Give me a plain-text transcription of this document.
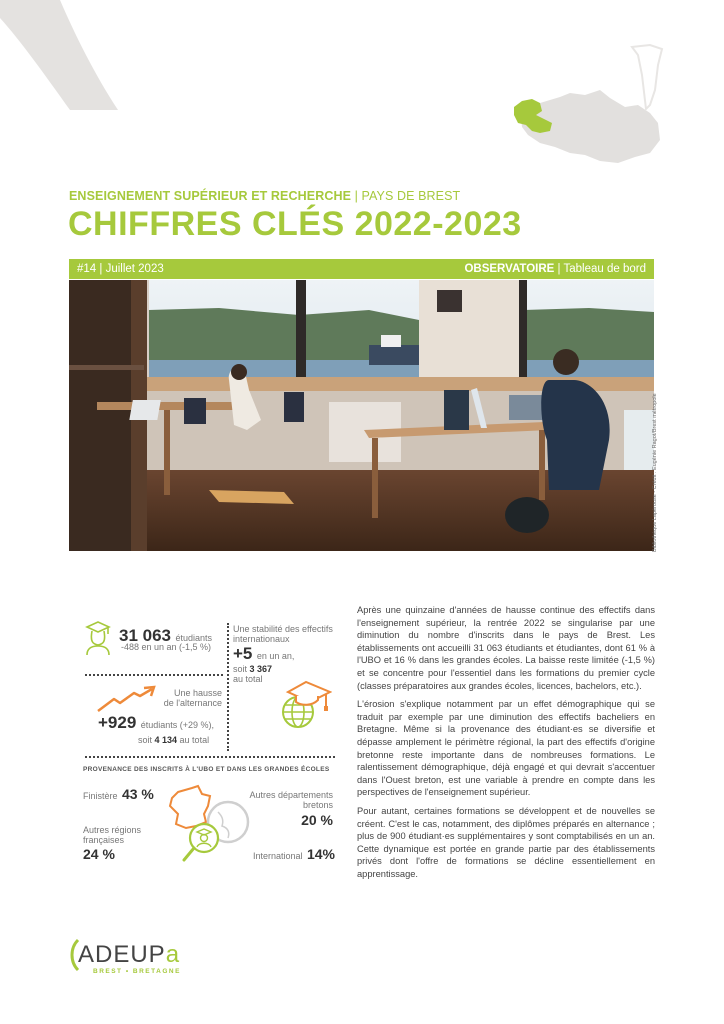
ENSEIGNEMENT SUPÉRIEUR ET RECHERCHE | PAYS DE BREST
CHIFFRES CLÉS 2022-2023
#14 | Juillet 2023	OBSERVATOIRE | Tableau de bord
Bibliothèque Lapérouse - Crédit : Eugénie Ragot/Brest métropole
31 063 étudiants
-488 en un an (-1,5 %)
Une stabilité des effectifs internationaux
+5 en un an,
soit 3 367
au total
Une hausse
de l'alternance
+929 étudiants (+29 %),
soit 4 134 au total
PROVENANCE DES INSCRITS À L'UBO ET DANS LES GRANDES ÉCOLES
Finistère 43 %
Autres régions françaises
24 %
Autres départements bretons
20 %
International 14%

Après une quinzaine d'années de hausse continue des effectifs dans l'enseignement supérieur, la rentrée 2022 se singularise par une diminution du nombre d'inscrits dans le pays de Brest. Les établissements ont accueilli 31 063 étudiants et étudiantes, dont 61 % à l'UBO et 16 % dans les grandes écoles. La baisse reste limitée (-1,5 %) et se concentre pour l'essentiel dans les formations du premier cycle (classes préparatoires aux grandes écoles, licences, bachelors, etc.).

L'érosion s'explique notamment par un effet démographique qui se traduit par exemple par une diminution des effectifs bacheliers en Bretagne. Même si la provenance des étudiant·es se diversifie et dépasse amplement le périmètre régional, la part des effectifs d'origine bretonne reste importante dans de nombreuses formations. Le ralentissement démographique, déjà engagé et qui devrait s'accentuer dans l'Ouest breton, est une variable à prendre en compte dans les perspectives de l'enseignement supérieur.

Pour autant, certaines formations se développent et de nouvelles se créent. C'est le cas, notamment, des diplômes préparés en alternance ; plus de 900 étudiant·es supplémentaires y sont comptabilisés en un an. Cette dynamique est portée en grande partie par des établissements privés dont l'offre de formations se décline essentiellement en apprentissage.

ADEUPa
BREST • BRETAGNE
